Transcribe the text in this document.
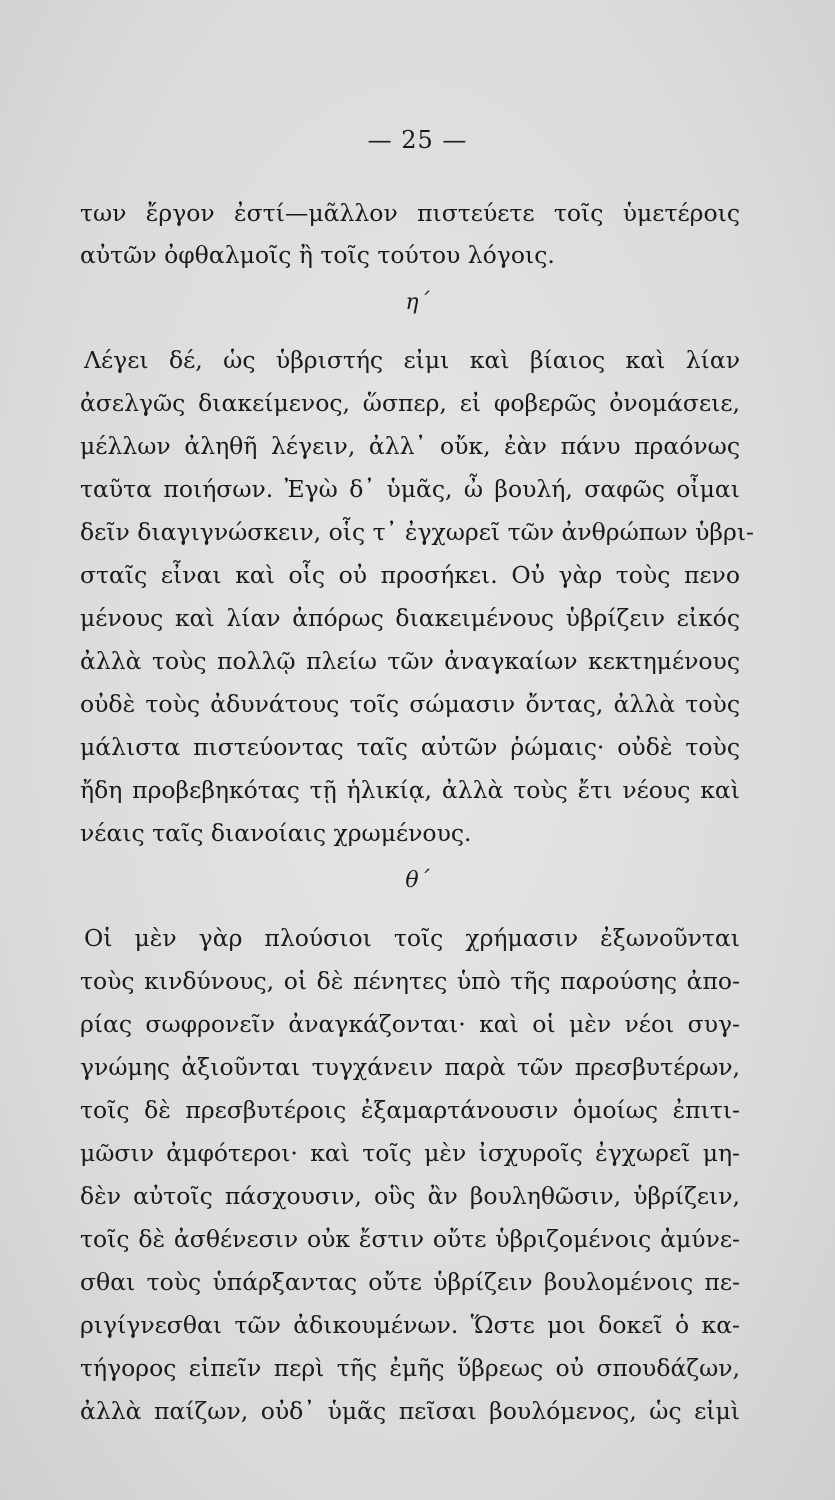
— 25 —
των ἔργον ἐστί—μᾶλλον πιστεύετε τοῖς ὑμετέροις
αὐτῶν ὀφθαλμοῖς ἢ τοῖς τούτου λόγοις.
η΄
Λέγει δέ, ὡς ὑβριστής εἰμι καὶ βίαιος καὶ λίαν
ἀσελγῶς διακείμενος, ὥσπερ, εἰ φοβερῶς ὀνομάσειε,
μέλλων ἀληθῆ λέγειν, ἀλλ᾽ οὔκ, ἐὰν πάνυ πραόνως
ταῦτα ποιήσων. Ἐγὼ δ᾽ ὑμᾶς, ὦ βουλή, σαφῶς οἶμαι
δεῖν διαγιγνώσκειν, οἷς τ᾽ ἐγχωρεῖ τῶν ἀνθρώπων ὑβρι-
σταῖς εἶναι καὶ οἷς οὐ προσήκει. Οὐ γὰρ τοὺς πενο
μένους καὶ λίαν ἀπόρως διακειμένους ὑβρίζειν εἰκός
ἀλλὰ τοὺς πολλῷ πλείω τῶν ἀναγκαίων κεκτημένους
οὐδὲ τοὺς ἀδυνάτους τοῖς σώμασιν ὄντας, ἀλλὰ τοὺς
μάλιστα πιστεύοντας ταῖς αὐτῶν ῥώμαις· οὐδὲ τοὺς
ἤδη προβεβηκότας τῇ ἡλικίᾳ, ἀλλὰ τοὺς ἔτι νέους καὶ
νέαις ταῖς διανοίαις χρωμένους.
θ΄
Οἱ μὲν γὰρ πλούσιοι τοῖς χρήμασιν ἐξωνοῦνται
τοὺς κινδύνους, οἱ δὲ πένητες ὑπὸ τῆς παρούσης ἀπο-
ρίας σωφρονεῖν ἀναγκάζονται· καὶ οἱ μὲν νέοι συγ-
γνώμης ἀξιοῦνται τυγχάνειν παρὰ τῶν πρεσβυτέρων,
τοῖς δὲ πρεσβυτέροις ἐξαμαρτάνουσιν ὁμοίως ἐπιτι-
μῶσιν ἀμφότεροι· καὶ τοῖς μὲν ἰσχυροῖς ἐγχωρεῖ μη-
δὲν αὐτοῖς πάσχουσιν, οὓς ἂν βουληθῶσιν, ὑβρίζειν,
τοῖς δὲ ἀσθένεσιν οὐκ ἔστιν οὔτε ὑβριζομένοις ἀμύνε-
σθαι τοὺς ὑπάρξαντας οὔτε ὑβρίζειν βουλομένοις πε-
ριγίγνεσθαι τῶν ἀδικουμένων. Ὥστε μοι δοκεῖ ὁ κα-
τήγορος εἰπεῖν περὶ τῆς ἐμῆς ὕβρεως οὐ σπουδάζων,
ἀλλὰ παίζων, οὐδ᾽ ὑμᾶς πεῖσαι βουλόμενος, ὡς εἰμὶ
